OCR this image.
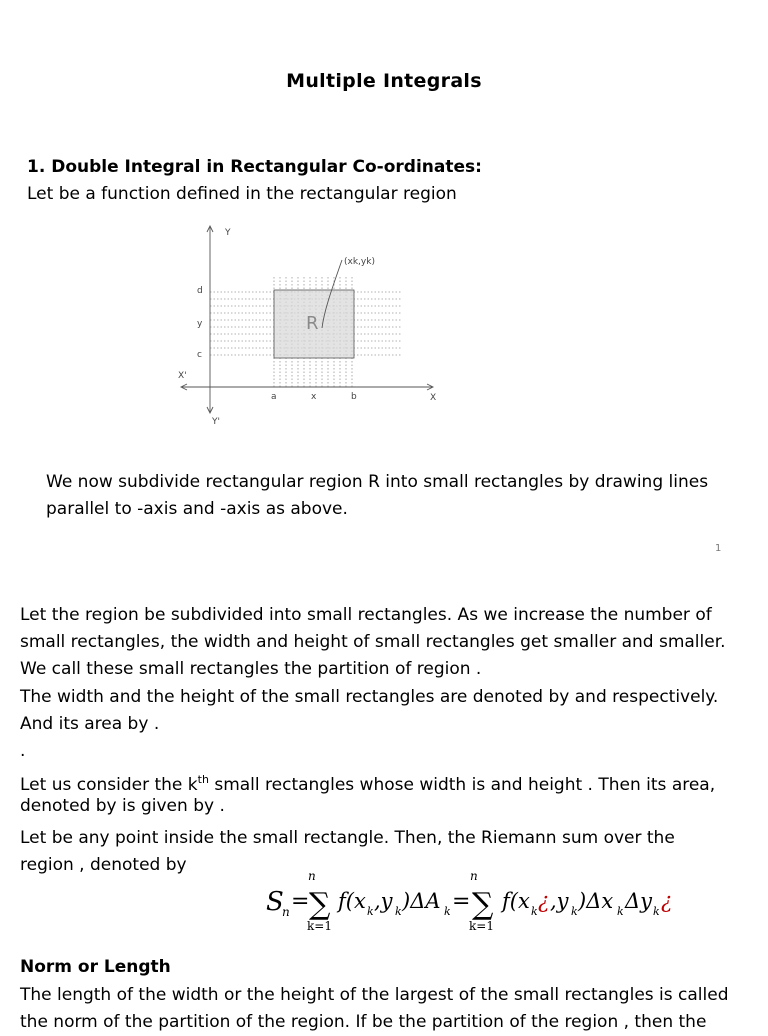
Multiple Integrals
1. Double Integral in Rectangular Co-ordinates:
Let be a function defined in the rectangular region
Y
Y'
X
X'
d
y
c
a	x	b
(xk,yk)
R
We now subdivide rectangular region R into small rectangles by drawing lines
parallel to -axis and -axis as above.
1
Let the region be subdivided into small rectangles. As we increase the number of
small rectangles, the width and height of small rectangles get smaller and smaller.
We call these small rectangles the partition of region .
The width and the height of the small rectangles are denoted by and respectively.
And its area by .
.
Let us consider the $k^{th}$ small rectangles whose width is and height . Then its area,
denoted by is given by .
Let be any point inside the small rectangle. Then, the Riemann sum over the
region , denoted by
S
n =
n
∑
k=1
f(x k ,y k )ΔA k =
n
∑
k=1
f(x k ¿ ,y k )Δx k Δy k ¿
Norm or Length
The length of the width or the height of the largest of the small rectangles is called
the norm of the partition of the region. If be the partition of the region , then the
